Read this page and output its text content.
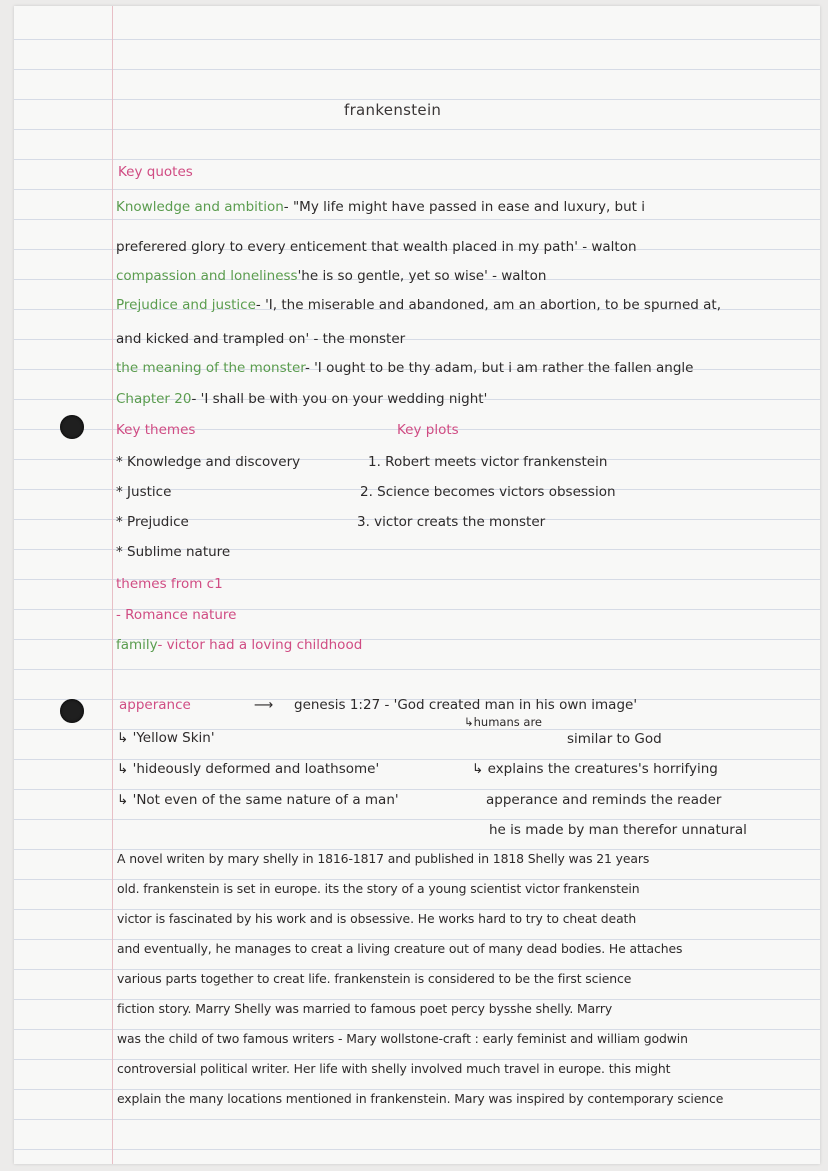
frankenstein
Key quotes
Knowledge and ambition- "My life might have passed in ease and luxury, but i
preferered glory to every enticement that wealth placed in my path' - walton
compassion and loneliness'he is so gentle, yet so wise' - walton
Prejudice and justice- 'I, the miserable and abandoned, am an abortion, to be spurned at,
and kicked and trampled on' - the monster
the meaning of the monster- 'I ought to be thy adam, but i am rather the fallen angle
Chapter 20- 'I shall be with you on your wedding night'
Key themes	Key plots
* Knowledge and discovery
* Justice
* Prejudice
* Sublime nature
1. Robert meets victor frankenstein
2. Science becomes victors obsession
3. victor creats the monster
themes from c1
- Romance nature
family- victor had a loving childhood
apperance	⟶ genesis 1:27 - 'God created man in his own image'
↳humans are
similar to God
↳ 'Yellow Skin'
↳ 'hideously deformed and loathsome'
↳ 'Not even of the same nature of a man'
↳ explains the creatures's horrifying
apperance and reminds the reader
he is made by man therefor unnatural
A novel writen by mary shelly in 1816-1817 and published in 1818 Shelly was 21 years
old. frankenstein is set in europe. its the story of a young scientist victor frankenstein
victor is fascinated by his work and is obsessive. He works hard to try to cheat death
and eventually, he manages to creat a living creature out of many dead bodies. He attaches
various parts together to creat life. frankenstein is considered to be the first science
fiction story. Marry Shelly was married to famous poet percy bysshe shelly. Marry
was the child of two famous writers - Mary wollstone-craft : early feminist and william godwin
controversial political writer. Her life with shelly involved much travel in europe. this might
explain the many locations mentioned in frankenstein. Mary was inspired by contemporary science
